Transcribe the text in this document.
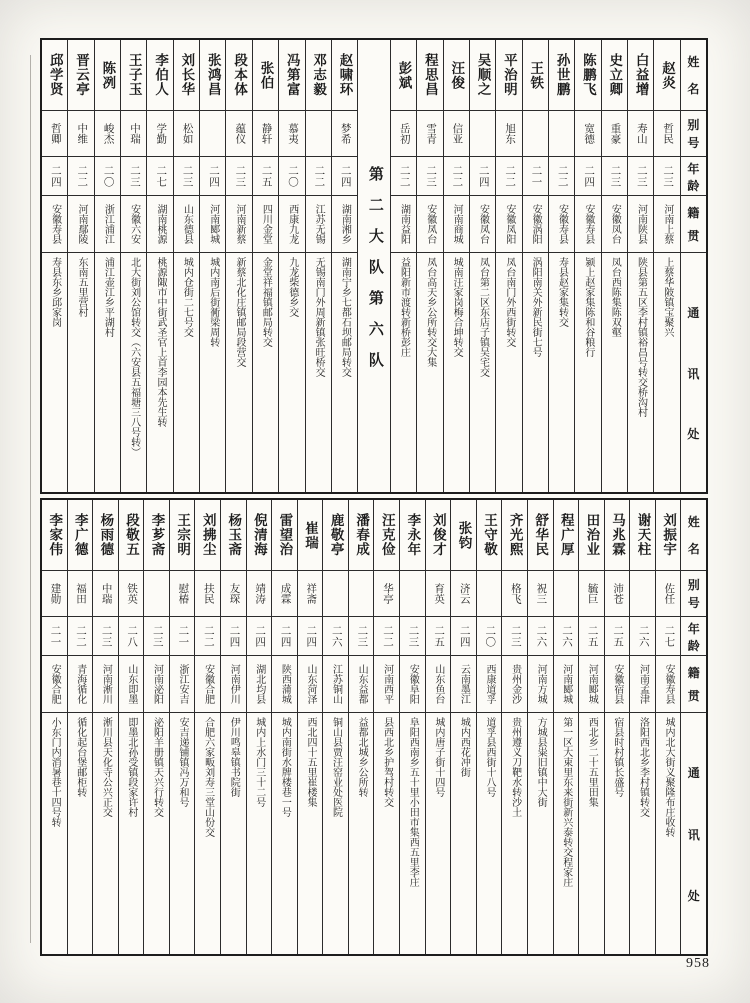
姓
名
别
号
年
龄
籍
贯
通
讯
处
赵炎
哲民
二三
河南上蔡
上蔡华陂镇宝聚兴
白益增
寿山
二三
河南陕县
陕县第五区李村镇裕昌号转交桥沟村
史立卿
重豪
二三
安徽凤台
凤台西陈集陈双壑
陈鹏飞
宽德
二四
安徽寿县
颍上赵家集陈和谷粮行
孙世鹏
二二
安徽寿县
寿县赵家集转交
王铁
二一
安徽涡阳
涡阳南关外新民街七号
平治明
旭东
二二
安徽凤阳
凤台南门外西街转交
吴顺之
二四
安徽凤台
凤台第二区东店子镇吴宅交
汪俊
信亚
二二
河南商城
城南汪家岗梅合坤转交
程思昌
雪青
二三
安徽凤台
凤台高天乡公所转交大集
彭斌
岳初
二二
湖南益阳
益阳新市渡转新桥彭庄
第二大队第六队
赵啸环
梦希
二四
湖南湘乡
湖南宁乡七都石坝邮局转交
邓志毅
二二
江苏无锡
无锡南门外周新镇张旺桥交
冯第富
慕夷
二〇
西康九龙
九龙柴德乡交
张伯
静轩
二五
四川金堂
金堂祥福镇邮局转交
段本体
蕴仪
二三
河南新蔡
新蔡北化庄镇邮局段营交
张鸿昌
二四
河南郾城
城内南后街衕梁周转
刘长华
松如
二三
山东德县
城内仓街二七号交
李伯人
学勤
二七
湖南桃源
桃源陬市中街武圣官上首李园本先生转
王子玉
中瑞
二三
安徽六安
北大街刘公馆转交（六安县五福塘三八号转）
陈冽
峻杰
二〇
浙江浦江
浦江壶江乡平湖村
晋云亭
中维
二二
河南鄢陵
东南五里营村
邱学贤
哲卿
二四
安徽寿县
寿县东乡邱家岗
姓
名
别
号
年
龄
籍
贯
通
讯
处
刘振宇
佐任
二七
安徽寿县
城内北大街义聚隆布庄收转
谢天柱
二六
河南孟津
洛阳西北乡李村镇转交
马兆霖
沛苍
二五
安徽宿县
宿县时村镇长盛号
田治业
毓巨
二五
河南郾城
西北乡二十五里田集
程广厚
二六
河南郾城
第一区大束里东来街新兴泰转交程家庄
舒华民
祝三
二六
河南方城
方城县粜旧镇中大街
齐光熙
格飞
二三
贵州金沙
贵州遵义刀靶水转沙土
王守敬
二〇
西康道孚
道孚县西街十八号
张钧
济云
二四
云南墨江
城内西花冲街
刘俊才
育英
二五
山东鱼台
城内唐子街十四号
李永年
二三
安徽阜阳
阜阳西南乡五十里小田市集西五里李庄
汪克俭
华亭
二二
河南西平
县西北乡护驾村转交
潘春成
二三
山东益都
益都北城乡公所转
鹿敬亭
二六
江苏铜山
铜山县贾汪窑业处医院
崔瑞
祥斋
二四
山东菏泽
西北四十五里崔楼集
雷望治
成霖
二四
陕西蒲城
城内南街水牌楼巷一号
倪清海
靖涛
二四
湖北均县
城内上水门三十二号
杨玉斋
友琛
二四
河南伊川
伊川鸣皋镇书院街
刘拂尘
扶民
二二
安徽合肥
合肥六家畈刘寿三堂山份交
王宗明
慰椿
二一
浙江安吉
安吉递铺镇冯万和号
李芗斋
二三
河南泌阳
泌阳羊册镇天兴行转交
段敬五
铁英
二八
山东即墨
即墨北孙受镇段家许村
杨雨德
中瑞
二三
河南淅川
淅川县天化寺公兴正交
李广德
福田
二二
青海循化
循化起台堡邮柜转
李家伟
建勋
二一
安徽合肥
小东门内消暑巷十四号转
958
